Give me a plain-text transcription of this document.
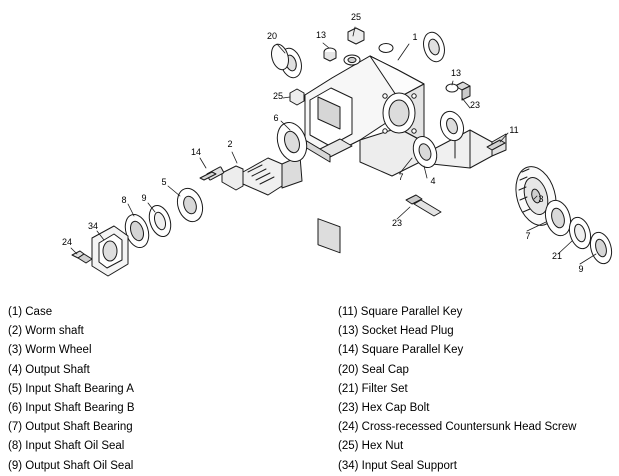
25
20	13	1
13
25
23
6
11
14
2
4
5	7
8	3
9
34	23
7
24
21
9
(1) Case
(2) Worm shaft
(3) Worm Wheel
(4) Output Shaft
(5) Input Shaft Bearing A
(6) Input Shaft Bearing B
(7) Output Shaft Bearing
(8) Input Shaft Oil Seal
(9) Output Shaft Oil Seal
(11) Square Parallel Key
(13) Socket Head Plug
(14) Square Parallel Key
(20) Seal Cap
(21) Filter Set
(23) Hex Cap Bolt
(24) Cross-recessed Countersunk Head Screw
(25) Hex Nut
(34) Input Seal Support
